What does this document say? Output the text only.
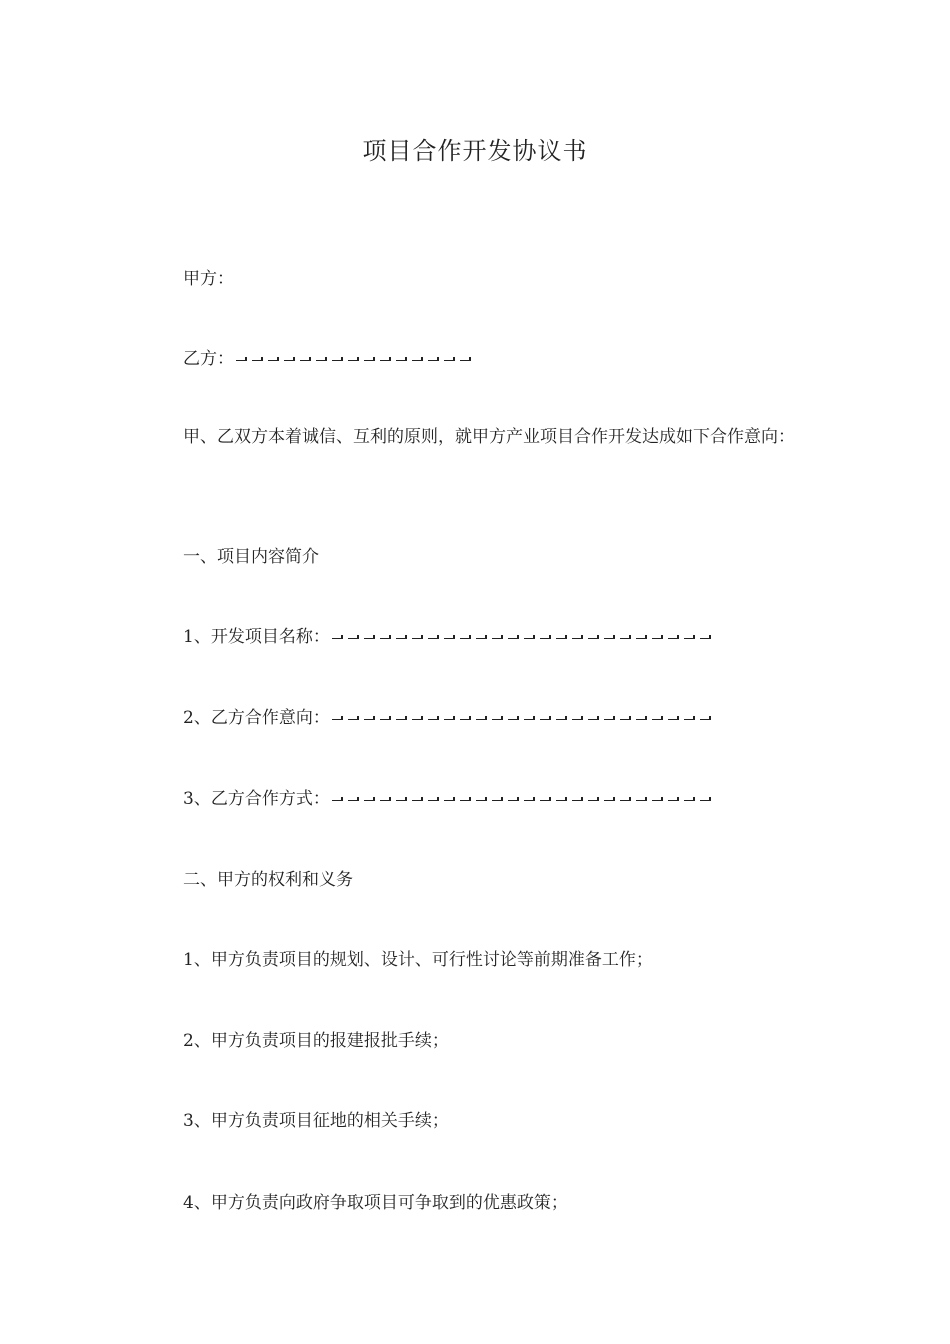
项目合作开发协议书
甲方：
乙方：
甲、乙双方本着诚信、互利的原则，就甲方产业项目合作开发达成如下合作意向：
一、项目内容简介
1、开发项目名称：
2、乙方合作意向：
3、乙方合作方式：
二、甲方的权利和义务
1、甲方负责项目的规划、设计、可行性讨论等前期准备工作；
2、甲方负责项目的报建报批手续；
3、甲方负责项目征地的相关手续；
4、甲方负责向政府争取项目可争取到的优惠政策；
